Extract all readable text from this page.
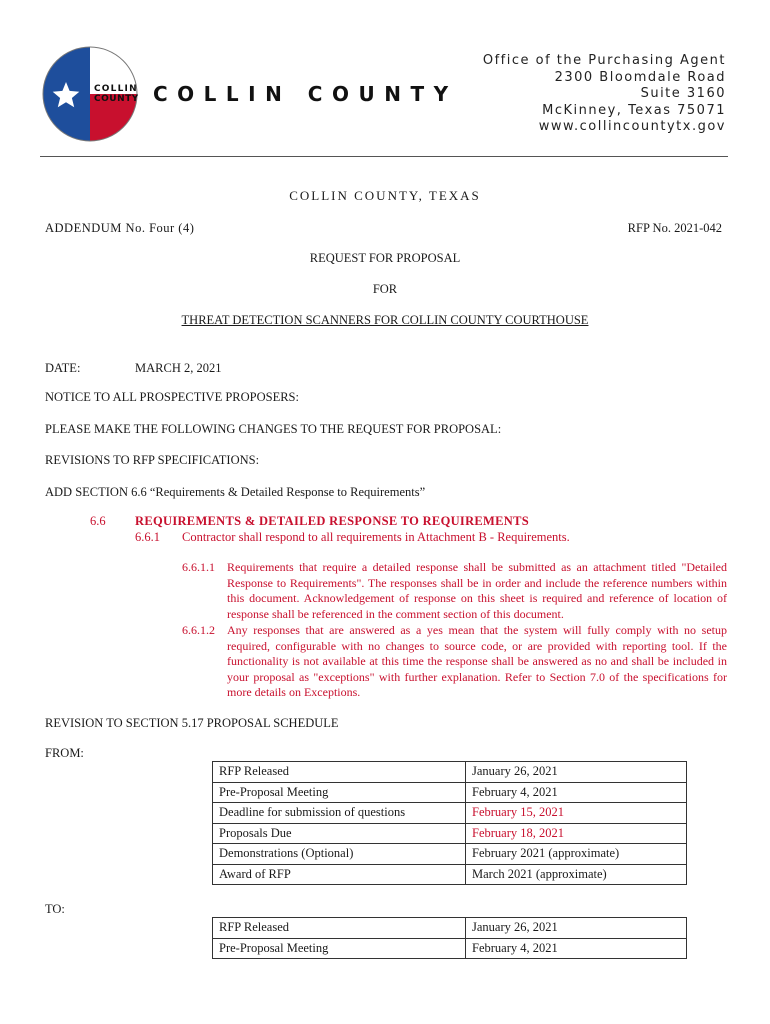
COLLIN
COUNTY COLLIN COUNTY
Office of the Purchasing Agent
2300 Bloomdale Road
Suite 3160
McKinney, Texas 75071
www.collincountytx.gov
COLLIN COUNTY, TEXAS
ADDENDUM No. Four (4)	RFP No. 2021-042
REQUEST FOR PROPOSAL
FOR
THREAT DETECTION SCANNERS FOR COLLIN COUNTY COURTHOUSE
DATE:	MARCH 2, 2021
NOTICE TO ALL PROSPECTIVE PROPOSERS:
PLEASE MAKE THE FOLLOWING CHANGES TO THE REQUEST FOR PROPOSAL:
REVISIONS TO RFP SPECIFICATIONS:
ADD SECTION 6.6 “Requirements & Detailed Response to Requirements”
6.6 REQUIREMENTS & DETAILED RESPONSE TO REQUIREMENTS
6.6.1 Contractor shall respond to all requirements in Attachment B - Requirements.
6.6.1.1 Requirements that require a detailed response shall be submitted as an attachment titled "Detailed Response to Requirements". The responses shall be in order and include the reference numbers within this document. Acknowledgement of response on this sheet is required and reference of location of response shall be referenced in the comment section of this document.
6.6.1.2 Any responses that are answered as a yes mean that the system will fully comply with no setup required, configurable with no changes to source code, or are provided with reporting tool. If the functionality is not available at this time the response shall be answered as no and shall be included in your proposal as "exceptions" with further explanation. Refer to Section 7.0 of the specifications for more details on Exceptions.
REVISION TO SECTION 5.17 PROPOSAL SCHEDULE
FROM:
RFP Released	January 26, 2021
Pre-Proposal Meeting	February 4, 2021
Deadline for submission of questions	February 15, 2021
Proposals Due	February 18, 2021
Demonstrations (Optional)	February 2021 (approximate)
Award of RFP	March 2021 (approximate)
TO:
RFP Released	January 26, 2021
Pre-Proposal Meeting	February 4, 2021
